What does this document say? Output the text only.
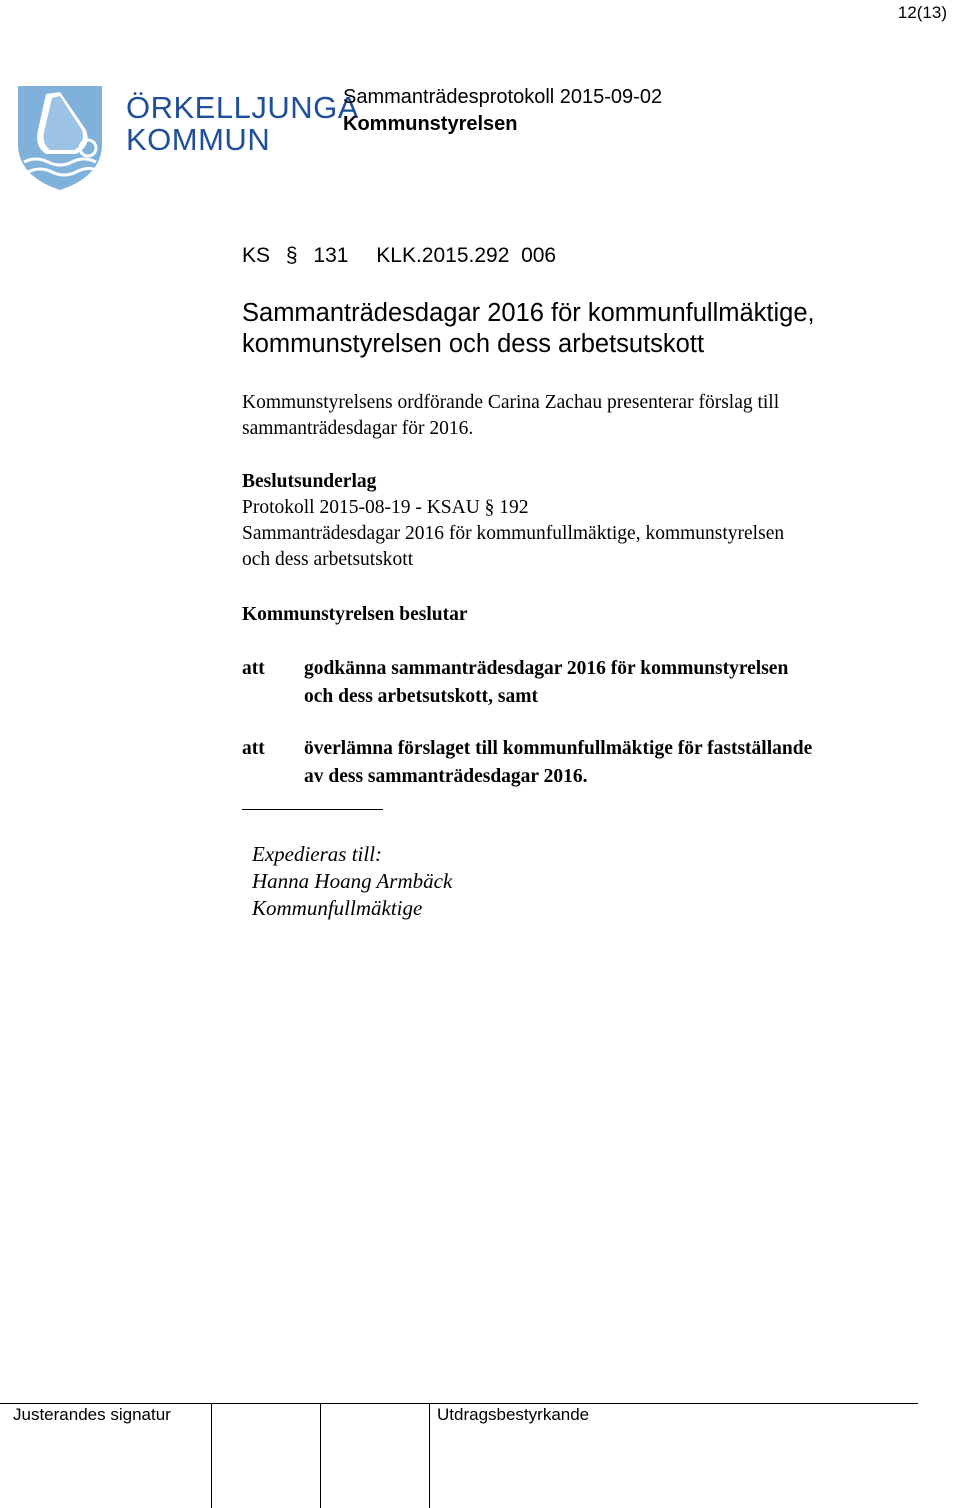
12(13)
ÖRKELLJUNGA
KOMMUN
Sammanträdesprotokoll 2015-09-02
Kommunstyrelsen
KS § 131 KLK.2015.292  006
Sammanträdesdagar 2016 för kommunfullmäktige,
kommunstyrelsen och dess arbetsutskott
Kommunstyrelsens ordförande Carina Zachau presenterar förslag till
sammanträdesdagar för 2016.
Beslutsunderlag
Protokoll 2015-08-19 - KSAU § 192
Sammanträdesdagar 2016 för kommunfullmäktige, kommunstyrelsen
och dess arbetsutskott
Kommunstyrelsen beslutar
att godkänna sammanträdesdagar 2016 för kommunstyrelsen
och dess arbetsutskott, samt
att överlämna förslaget till kommunfullmäktige för fastställande
av dess sammanträdesdagar 2016.
Expedieras till:
Hanna Hoang Armbäck
Kommunfullmäktige
Justerandes signatur	Utdragsbestyrkande
